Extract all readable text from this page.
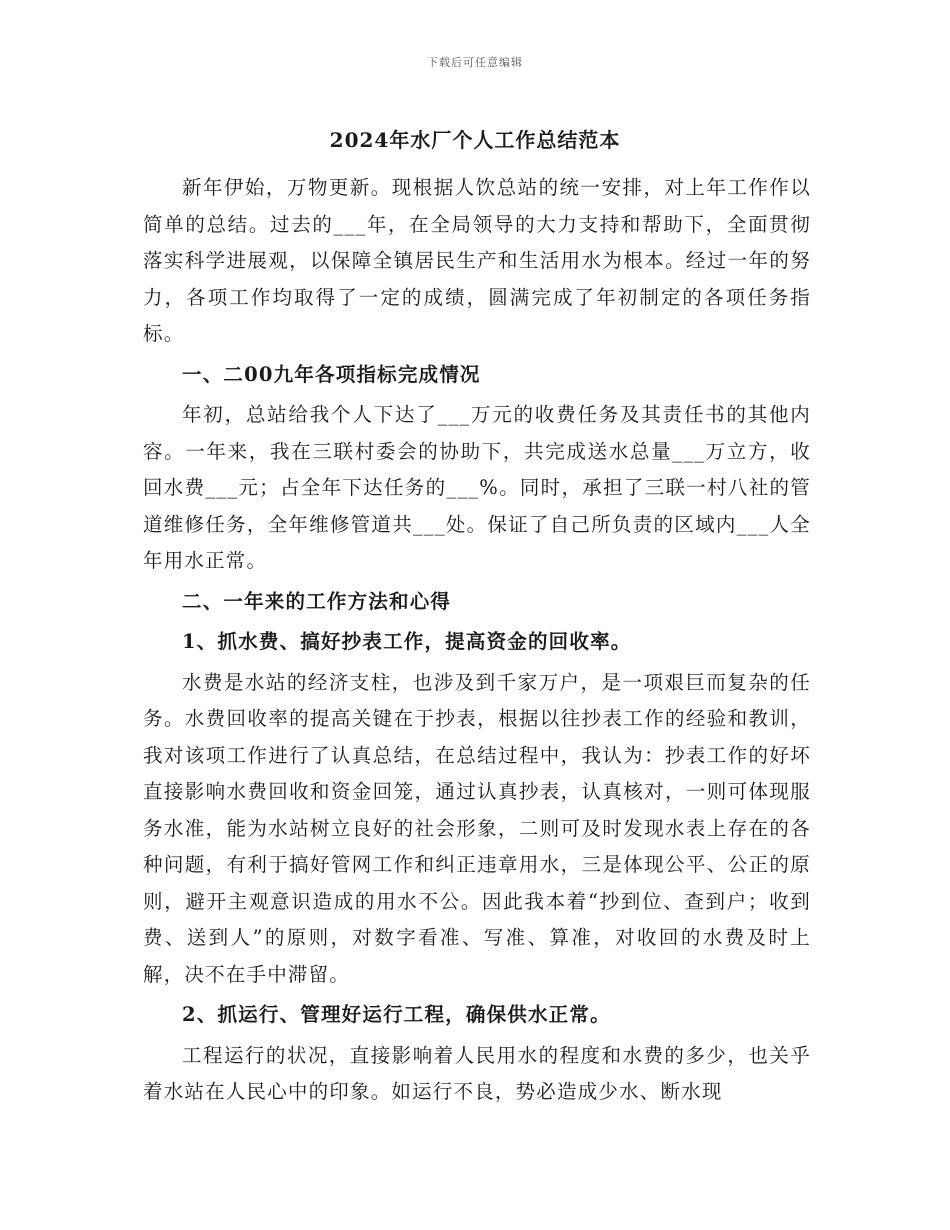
下载后可任意编辑
2024年水厂个人工作总结范本

新年伊始，万物更新。现根据人饮总站的统一安排，对上年工作作以简单的总结。过去的___年，在全局领导的大力支持和帮助下，全面贯彻落实科学进展观，以保障全镇居民生产和生活用水为根本。经过一年的努力，各项工作均取得了一定的成绩，圆满完成了年初制定的各项任务指标。

一、二00九年各项指标完成情况

年初，总站给我个人下达了___万元的收费任务及其责任书的其他内容。一年来，我在三联村委会的协助下，共完成送水总量___万立方，收回水费___元；占全年下达任务的___%。同时，承担了三联一村八社的管道维修任务，全年维修管道共___处。保证了自己所负责的区域内___人全年用水正常。

二、一年来的工作方法和心得

1、抓水费、搞好抄表工作，提高资金的回收率。

水费是水站的经济支柱，也涉及到千家万户，是一项艰巨而复杂的任务。水费回收率的提高关键在于抄表，根据以往抄表工作的经验和教训，我对该项工作进行了认真总结，在总结过程中，我认为：抄表工作的好坏直接影响水费回收和资金回笼，通过认真抄表，认真核对，一则可体现服务水准，能为水站树立良好的社会形象，二则可及时发现水表上存在的各种问题，有利于搞好管网工作和纠正违章用水，三是体现公平、公正的原则，避开主观意识造成的用水不公。因此我本着“抄到位、查到户；收到费、送到人”的原则，对数字看准、写准、算准，对收回的水费及时上解，决不在手中滞留。

2、抓运行、管理好运行工程，确保供水正常。

工程运行的状况，直接影响着人民用水的程度和水费的多少，也关乎着水站在人民心中的印象。如运行不良，势必造成少水、断水现
